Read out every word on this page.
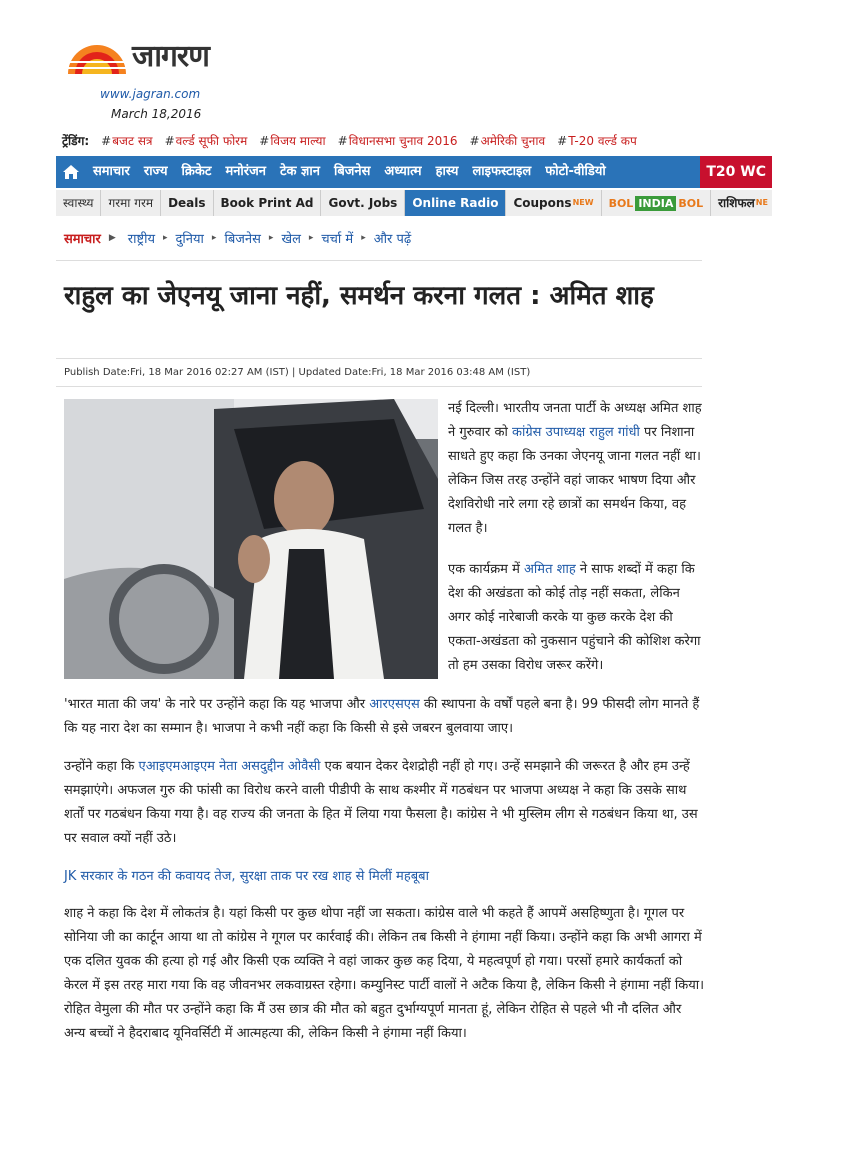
जागरण
www.jagran.com
March 18,2016
ट्रेंडिंग: #बजट सत्र #वर्ल्ड सूफी फोरम #विजय माल्या #विधानसभा चुनाव 2016 #अमेरिकी चुनाव #T-20 वर्ल्ड कप
समाचार	राज्य	क्रिकेट	मनोरंजन	टेक ज्ञान	बिजनेस	अध्यात्म	हास्य	लाइफस्टाइल	फोटो-वीडियो	T20 WC
स्वास्थ्य	गरमा गरम	Deals	Book Print Ad	Govt. Jobs	Online Radio	Coupons$^{NEW}$	BOL INDIA BOL	राशिफल$^{NE}$
समाचार ▶ राष्ट्रीय ▸ दुनिया ▸ बिजनेस ▸ खेल ▸ चर्चा में ▸ और पढ़ें
राहुल का जेएनयू जाना नहीं, समर्थन करना गलत : अमित शाह
Publish Date:Fri, 18 Mar 2016 02:27 AM (IST) | Updated Date:Fri, 18 Mar 2016 03:48 AM (IST)

नई दिल्ली। भारतीय जनता पार्टी के अध्यक्ष अमित शाह ने गुरुवार को कांग्रेस उपाध्यक्ष राहुल गांधी पर निशाना साधते हुए कहा कि उनका जेएनयू जाना गलत नहीं था। लेकिन जिस तरह उन्होंने वहां जाकर भाषण दिया और देशविरोधी नारे लगा रहे छात्रों का समर्थन किया, वह गलत है।

एक कार्यक्रम में अमित शाह ने साफ शब्दों में कहा कि देश की अखंडता को कोई तोड़ नहीं सकता, लेकिन अगर कोई नारेबाजी करके या कुछ करके देश की एकता-अखंडता को नुकसान पहुंचाने की कोशिश करेगा तो हम उसका विरोध जरूर करेंगे।

'भारत माता की जय' के नारे पर उन्होंने कहा कि यह भाजपा और आरएसएस की स्थापना के वर्षों पहले बना है। 99 फीसदी लोग मानते हैं कि यह नारा देश का सम्मान है। भाजपा ने कभी नहीं कहा कि किसी से इसे जबरन बुलवाया जाए।

उन्होंने कहा कि एआइएमआइएम नेता असदुद्दीन ओवैसी एक बयान देकर देशद्रोही नहीं हो गए। उन्हें समझाने की जरूरत है और हम उन्हें समझाएंगे। अफजल गुरु की फांसी का विरोध करने वाली पीडीपी के साथ कश्मीर में गठबंधन पर भाजपा अध्यक्ष ने कहा कि उसके साथ शर्तों पर गठबंधन किया गया है। वह राज्य की जनता के हित में लिया गया फैसला है। कांग्रेस ने भी मुस्लिम लीग से गठबंधन किया था, उस पर सवाल क्यों नहीं उठे।

JK सरकार के गठन की कवायद तेज, सुरक्षा ताक पर रख शाह से मिलीं महबूबा

शाह ने कहा कि देश में लोकतंत्र है। यहां किसी पर कुछ थोपा नहीं जा सकता। कांग्रेस वाले भी कहते हैं आपमें असहिष्णुता है। गूगल पर सोनिया जी का कार्टून आया था तो कांग्रेस ने गूगल पर कार्रवाई की। लेकिन तब किसी ने हंगामा नहीं किया। उन्होंने कहा कि अभी आगरा में एक दलित युवक की हत्या हो गई और किसी एक व्यक्ति ने वहां जाकर कुछ कह दिया, ये महत्वपूर्ण हो गया। परसों हमारे कार्यकर्ता को केरल में इस तरह मारा गया कि वह जीवनभर लकवाग्रस्त रहेगा। कम्युनिस्ट पार्टी वालों ने अटैक किया है, लेकिन किसी ने हंगामा नहीं किया। रोहित वेमुला की मौत पर उन्होंने कहा कि मैं उस छात्र की मौत को बहुत दुर्भाग्यपूर्ण मानता हूं, लेकिन रोहित से पहले भी नौ दलित और अन्य बच्चों ने हैदराबाद यूनिवर्सिटी में आत्महत्या की, लेकिन किसी ने हंगामा नहीं किया।
